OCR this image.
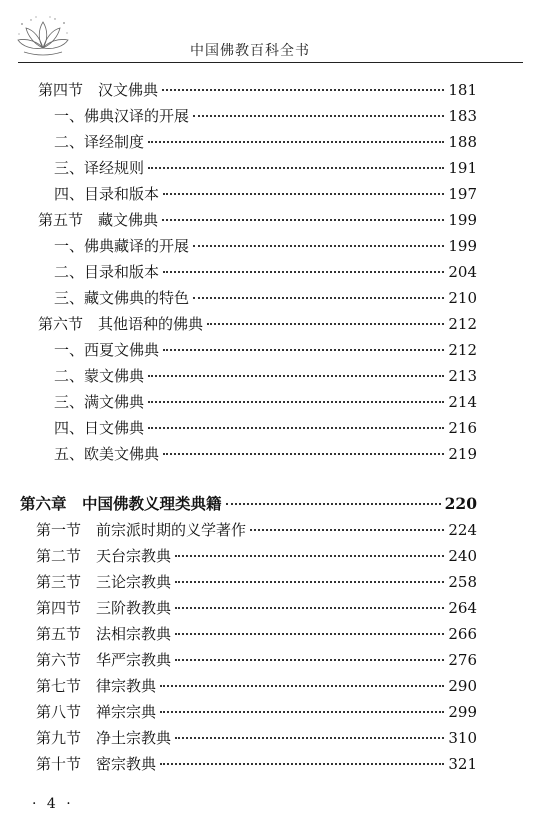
中国佛教百科全书
第四节　汉文佛典	181
一、佛典汉译的开展	183
二、译经制度	188
三、译经规则	191
四、目录和版本	197
第五节　藏文佛典	199
一、佛典藏译的开展	199
二、目录和版本	204
三、藏文佛典的特色	210
第六节　其他语种的佛典	212
一、西夏文佛典	212
二、蒙文佛典	213
三、满文佛典	214
四、日文佛典	216
五、欧美文佛典	219
第六章　中国佛教义理类典籍	220
第一节　前宗派时期的义学著作	224
第二节　天台宗教典	240
第三节　三论宗教典	258
第四节　三阶教教典	264
第五节　法相宗教典	266
第六节　华严宗教典	276
第七节　律宗教典	290
第八节　禅宗宗典	299
第九节　净土宗教典	310
第十节　密宗教典	321
· 4 ·
